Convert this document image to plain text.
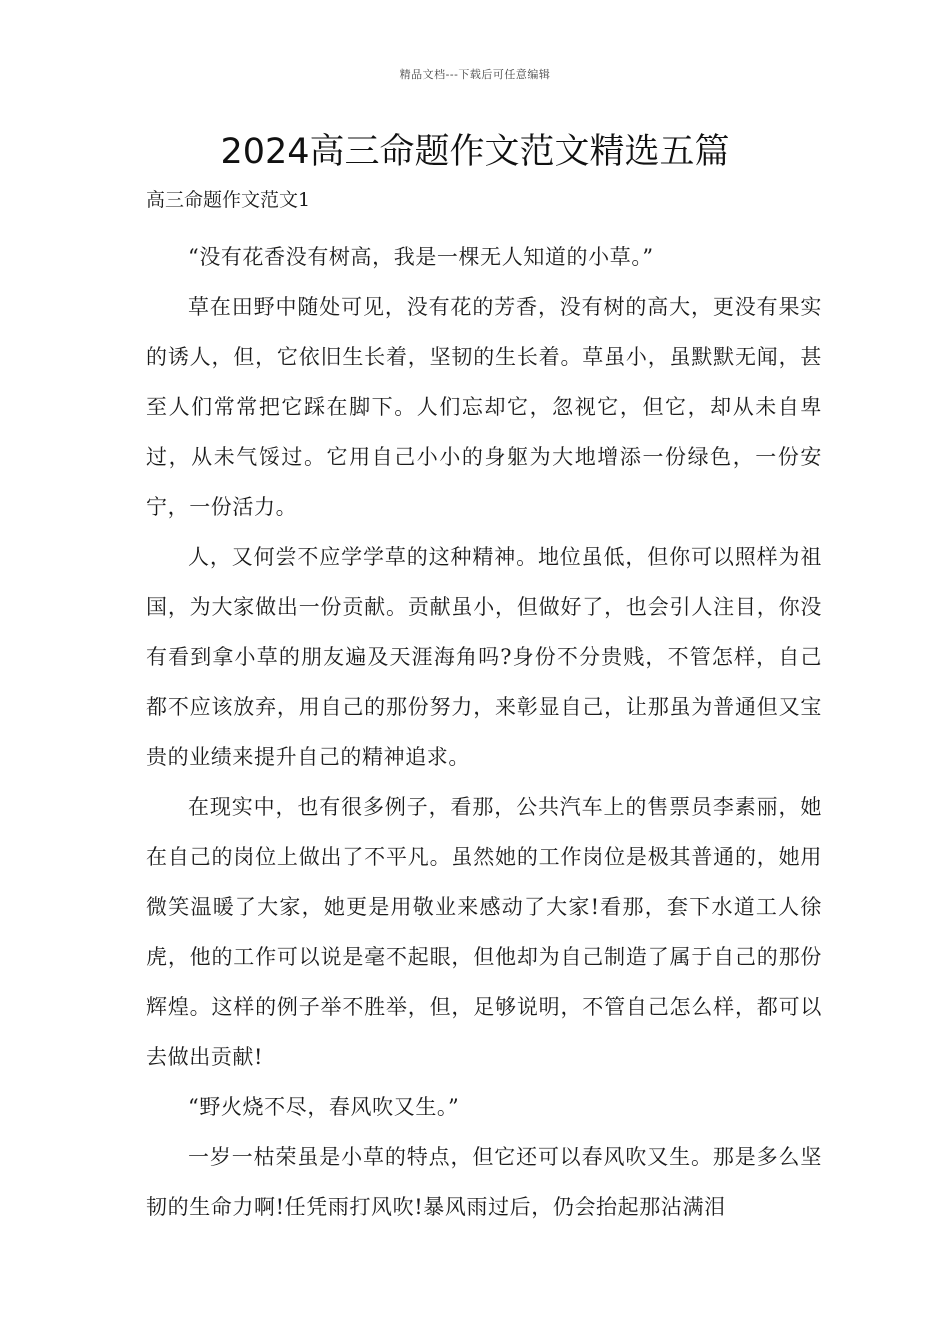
精品文档---下载后可任意编辑
2024高三命题作文范文精选五篇
高三命题作文范文1

“没有花香没有树高，我是一棵无人知道的小草。”

草在田野中随处可见，没有花的芳香，没有树的高大，更没有果实的诱人，但，它依旧生长着，坚韧的生长着。草虽小，虽默默无闻，甚至人们常常把它踩在脚下。人们忘却它，忽视它，但它，却从未自卑过，从未气馁过。它用自己小小的身躯为大地增添一份绿色，一份安宁，一份活力。

人，又何尝不应学学草的这种精神。地位虽低，但你可以照样为祖国，为大家做出一份贡献。贡献虽小，但做好了，也会引人注目，你没有看到拿小草的朋友遍及天涯海角吗?身份不分贵贱，不管怎样，自己都不应该放弃，用自己的那份努力，来彰显自己，让那虽为普通但又宝贵的业绩来提升自己的精神追求。

在现实中，也有很多例子，看那，公共汽车上的售票员李素丽，她在自己的岗位上做出了不平凡。虽然她的工作岗位是极其普通的，她用微笑温暖了大家，她更是用敬业来感动了大家!看那，套下水道工人徐虎，他的工作可以说是毫不起眼，但他却为自己制造了属于自己的那份辉煌。这样的例子举不胜举，但，足够说明，不管自己怎么样，都可以去做出贡献!

“野火烧不尽，春风吹又生。”

一岁一枯荣虽是小草的特点，但它还可以春风吹又生。那是多么坚韧的生命力啊!任凭雨打风吹!暴风雨过后，仍会抬起那沾满泪
